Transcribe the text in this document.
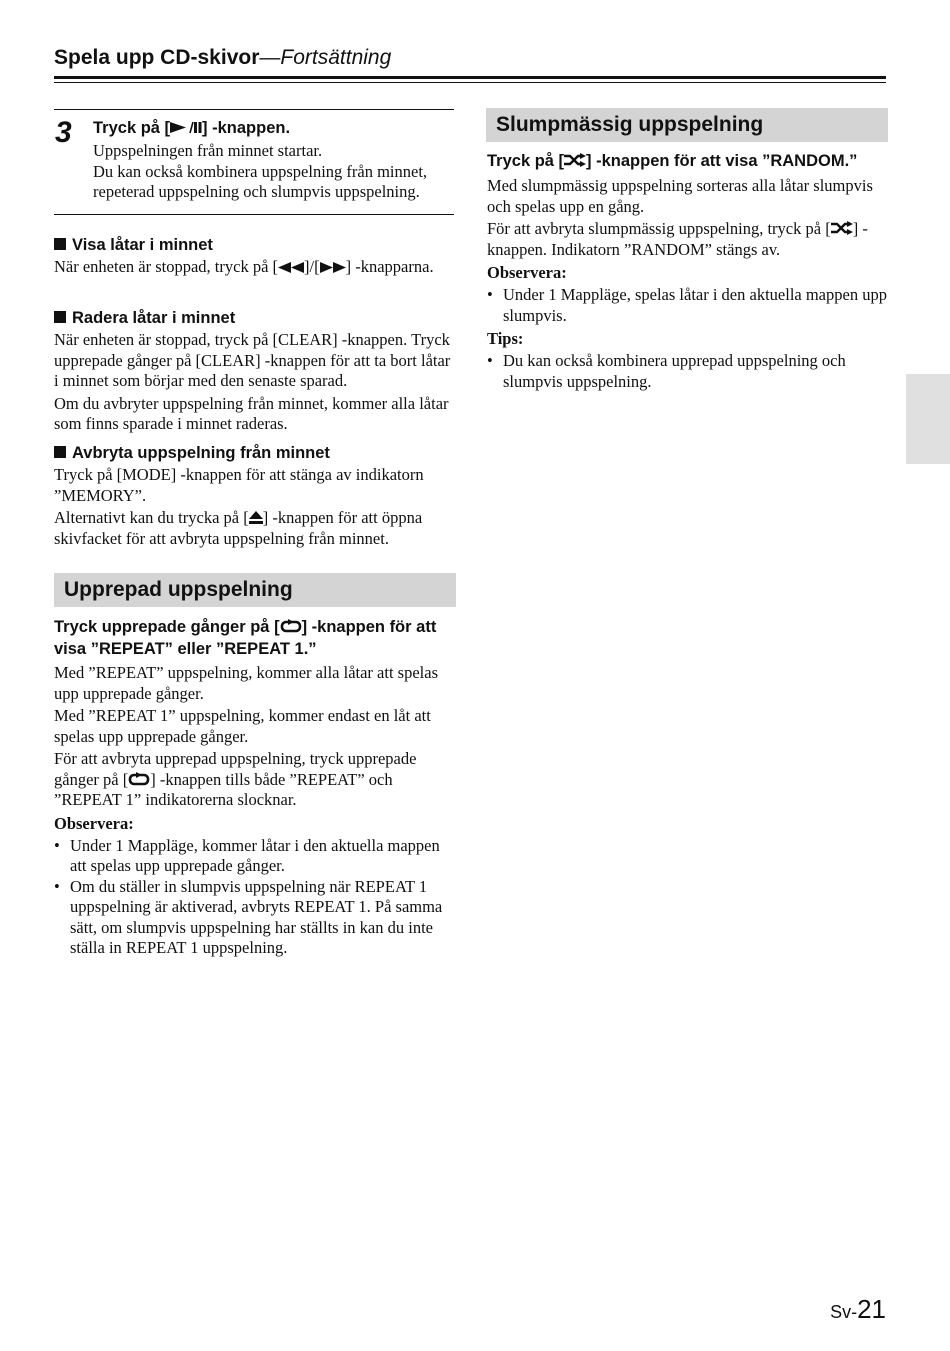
Spela upp CD-skivor—Fortsättning
3 Tryck på [ ] -knappen.

Uppspelningen från minnet startar.

Du kan också kombinera uppspelning från minnet, repeterad uppspelning och slumpvis uppspelning.

Visa låtar i minnet

När enheten är stoppad, tryck på [ ]/[ ] -knapparna.

Radera låtar i minnet

När enheten är stoppad, tryck på [CLEAR] -knappen. Tryck upprepade gånger på [CLEAR] -knappen för att ta bort låtar i minnet som börjar med den senaste sparad.

Om du avbryter uppspelning från minnet, kommer alla låtar som finns sparade i minnet raderas.

Avbryta uppspelning från minnet

Tryck på [MODE] -knappen för att stänga av indikatorn ”MEMORY”.

Alternativt kan du trycka på [ ] -knappen för att öppna skivfacket för att avbryta uppspelning från minnet.

Upprepad uppspelning
Tryck upprepade gånger på [ ] -knappen för att visa ”REPEAT” eller ”REPEAT 1.”

Med ”REPEAT” uppspelning, kommer alla låtar att spelas upp upprepade gånger.

Med ”REPEAT 1” uppspelning, kommer endast en låt att spelas upp upprepade gånger.

För att avbryta upprepad uppspelning, tryck upprepade gånger på [ ] -knappen tills både ”REPEAT” och ”REPEAT 1” indikatorerna slocknar.

Observera:

• Under 1 Mappläge, kommer låtar i den aktuella mappen att spelas upp upprepade gånger.
• Om du ställer in slumpvis uppspelning när REPEAT 1 uppspelning är aktiverad, avbryts REPEAT 1. På samma sätt, om slumpvis uppspelning har ställts in kan du inte ställa in REPEAT 1 uppspelning.
Slumpmässig uppspelning
Tryck på [ ] -knappen för att visa ”RANDOM.”

Med slumpmässig uppspelning sorteras alla låtar slumpvis och spelas upp en gång.

För att avbryta slumpmässig uppspelning, tryck på [ ] -knappen. Indikatorn ”RANDOM” stängs av.

Observera:

• Under 1 Mappläge, spelas låtar i den aktuella mappen upp slumpvis.

Tips:

• Du kan också kombinera upprepad uppspelning och slumpvis uppspelning.
Sv-21
